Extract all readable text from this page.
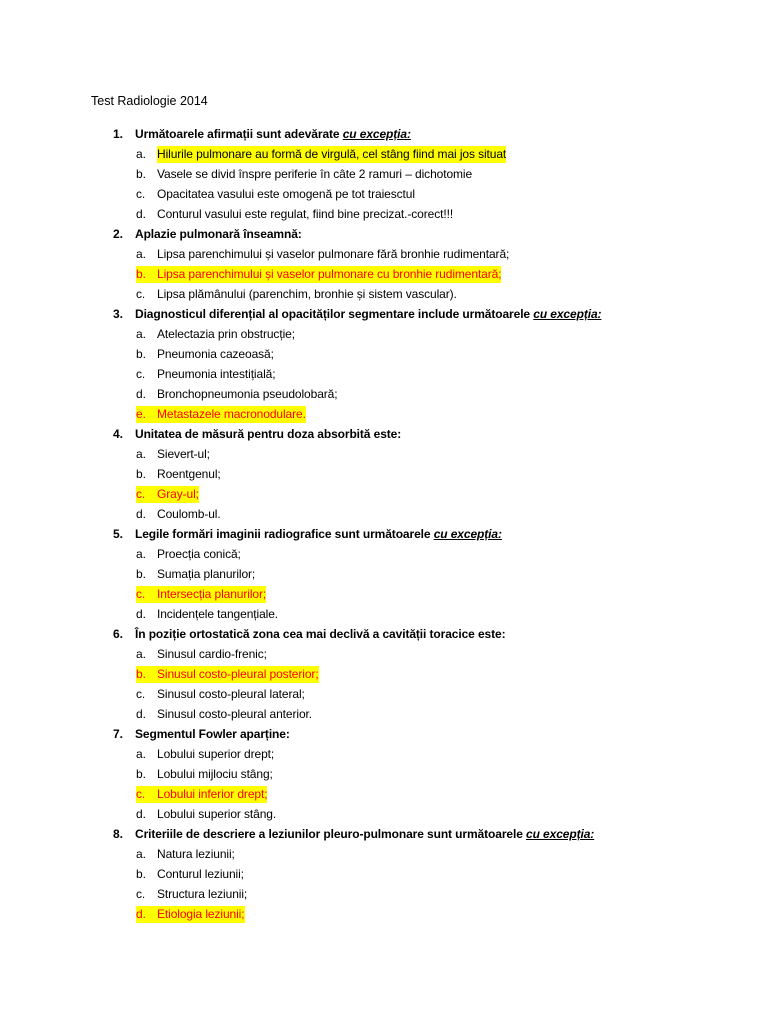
Test Radiologie 2014
1. Următoarele afirmații sunt adevărate cu excepția:
a. Hilurile pulmonare au formă de virgulă, cel stâng fiind mai jos situat
b. Vasele se divid înspre periferie în câte 2 ramuri – dichotomie
c. Opacitatea vasului este omogenă pe tot traiesctul
d. Conturul vasului este regulat, fiind bine precizat.-corect!!!
2. Aplazie pulmonară înseamnă:
a. Lipsa parenchimului și vaselor pulmonare fără bronhie rudimentară;
b. Lipsa parenchimului și vaselor pulmonare cu bronhie rudimentară;
c. Lipsa plămânului (parenchim, bronhie și sistem vascular).
3. Diagnosticul diferențial al opacităților segmentare include următoarele cu excepția:
a. Atelectazia prin obstrucție;
b. Pneumonia cazeoasă;
c. Pneumonia intestițială;
d. Bronchopneumonia pseudolobară;
e. Metastazele macronodulare.
4. Unitatea de măsură pentru doza absorbită este:
a. Sievert-ul;
b. Roentgenul;
c. Gray-ul;
d. Coulomb-ul.
5. Legile formări imaginii radiografice sunt următoarele cu excepția:
a. Proecția conică;
b. Sumația planurilor;
c. Intersecția planurilor;
d. Incidențele tangențiale.
6. În poziție ortostatică zona cea mai declivă a cavității toracice este:
a. Sinusul cardio-frenic;
b. Sinusul costo-pleural posterior;
c. Sinusul costo-pleural lateral;
d. Sinusul costo-pleural anterior.
7. Segmentul Fowler aparține:
a. Lobului superior drept;
b. Lobului mijlociu stâng;
c. Lobului inferior drept;
d. Lobului superior stâng.
8. Criteriile de descriere a leziunilor pleuro-pulmonare sunt următoarele cu excepția:
a. Natura leziunii;
b. Conturul leziunii;
c. Structura leziunii;
d. Etiologia leziunii;
